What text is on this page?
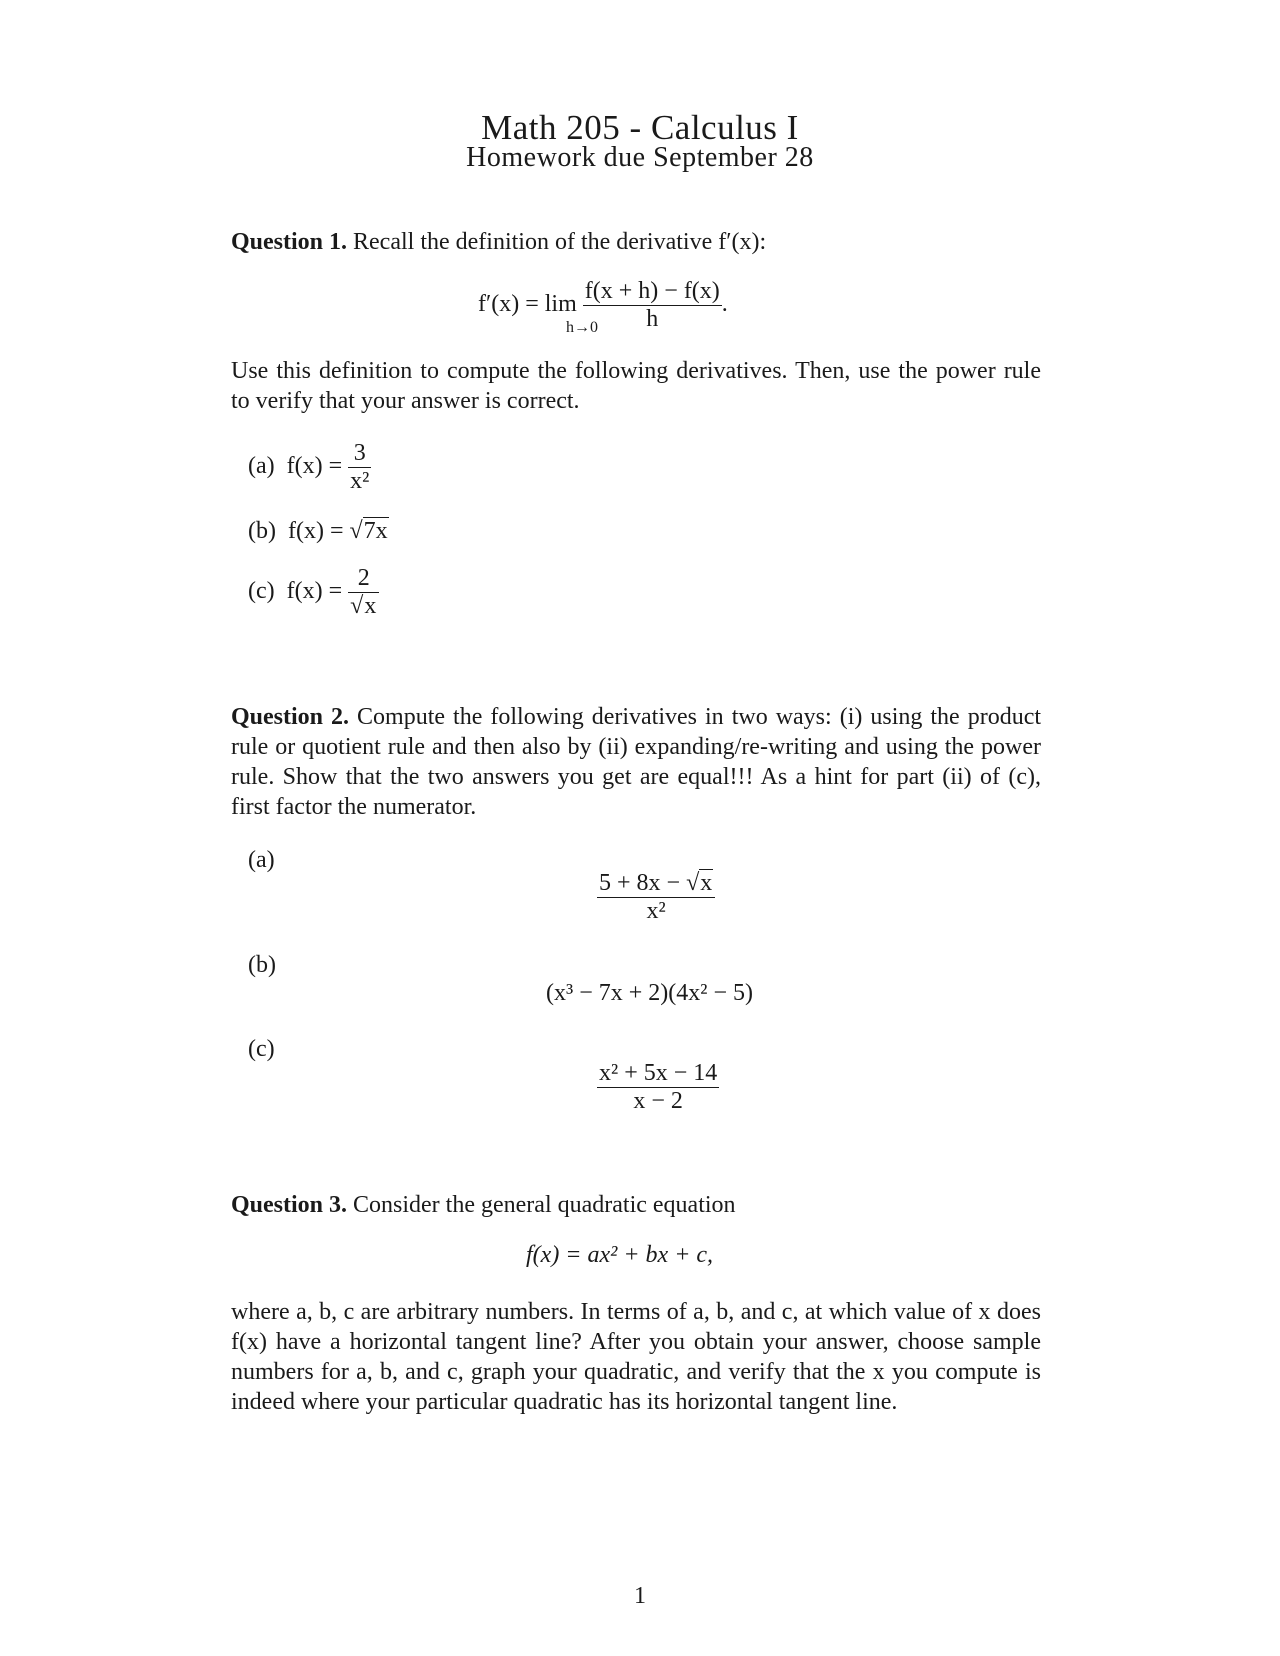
Math 205 - Calculus I
Homework due September 28
Question 1. Recall the definition of the derivative f′(x):
$f'(x) = \lim \frac{f(x + h) - f(x)}{h}$ .
h→0
Use this definition to compute the following derivatives. Then, use the power rule to verify that your answer is correct.
(a) $f(x) = \frac{3}{\text{x²}}$
(b) f(x) = √7x
(c) $f(x) = \frac{2}{√x}$
Question 2. Compute the following derivatives in two ways: (i) using the product rule or quotient rule and then also by (ii) expanding/re-writing and using the power rule. Show that the two answers you get are equal!!! As a hint for part (ii) of (c), first factor the numerator.
(a)
$\frac{5 + 8x - √x}{\text{x²}}$
(b)
(x³ − 7x + 2)(4x² − 5)
(c)
$\frac{\text{x² + 5x − 14}}{x - 2}$
Question 3. Consider the general quadratic equation
f(x) = ax² + bx + c,
where a, b, c are arbitrary numbers. In terms of a, b, and c, at which value of x does f(x) have a horizontal tangent line? After you obtain your answer, choose sample numbers for a, b, and c, graph your quadratic, and verify that the x you compute is indeed where your particular quadratic has its horizontal tangent line.
1
